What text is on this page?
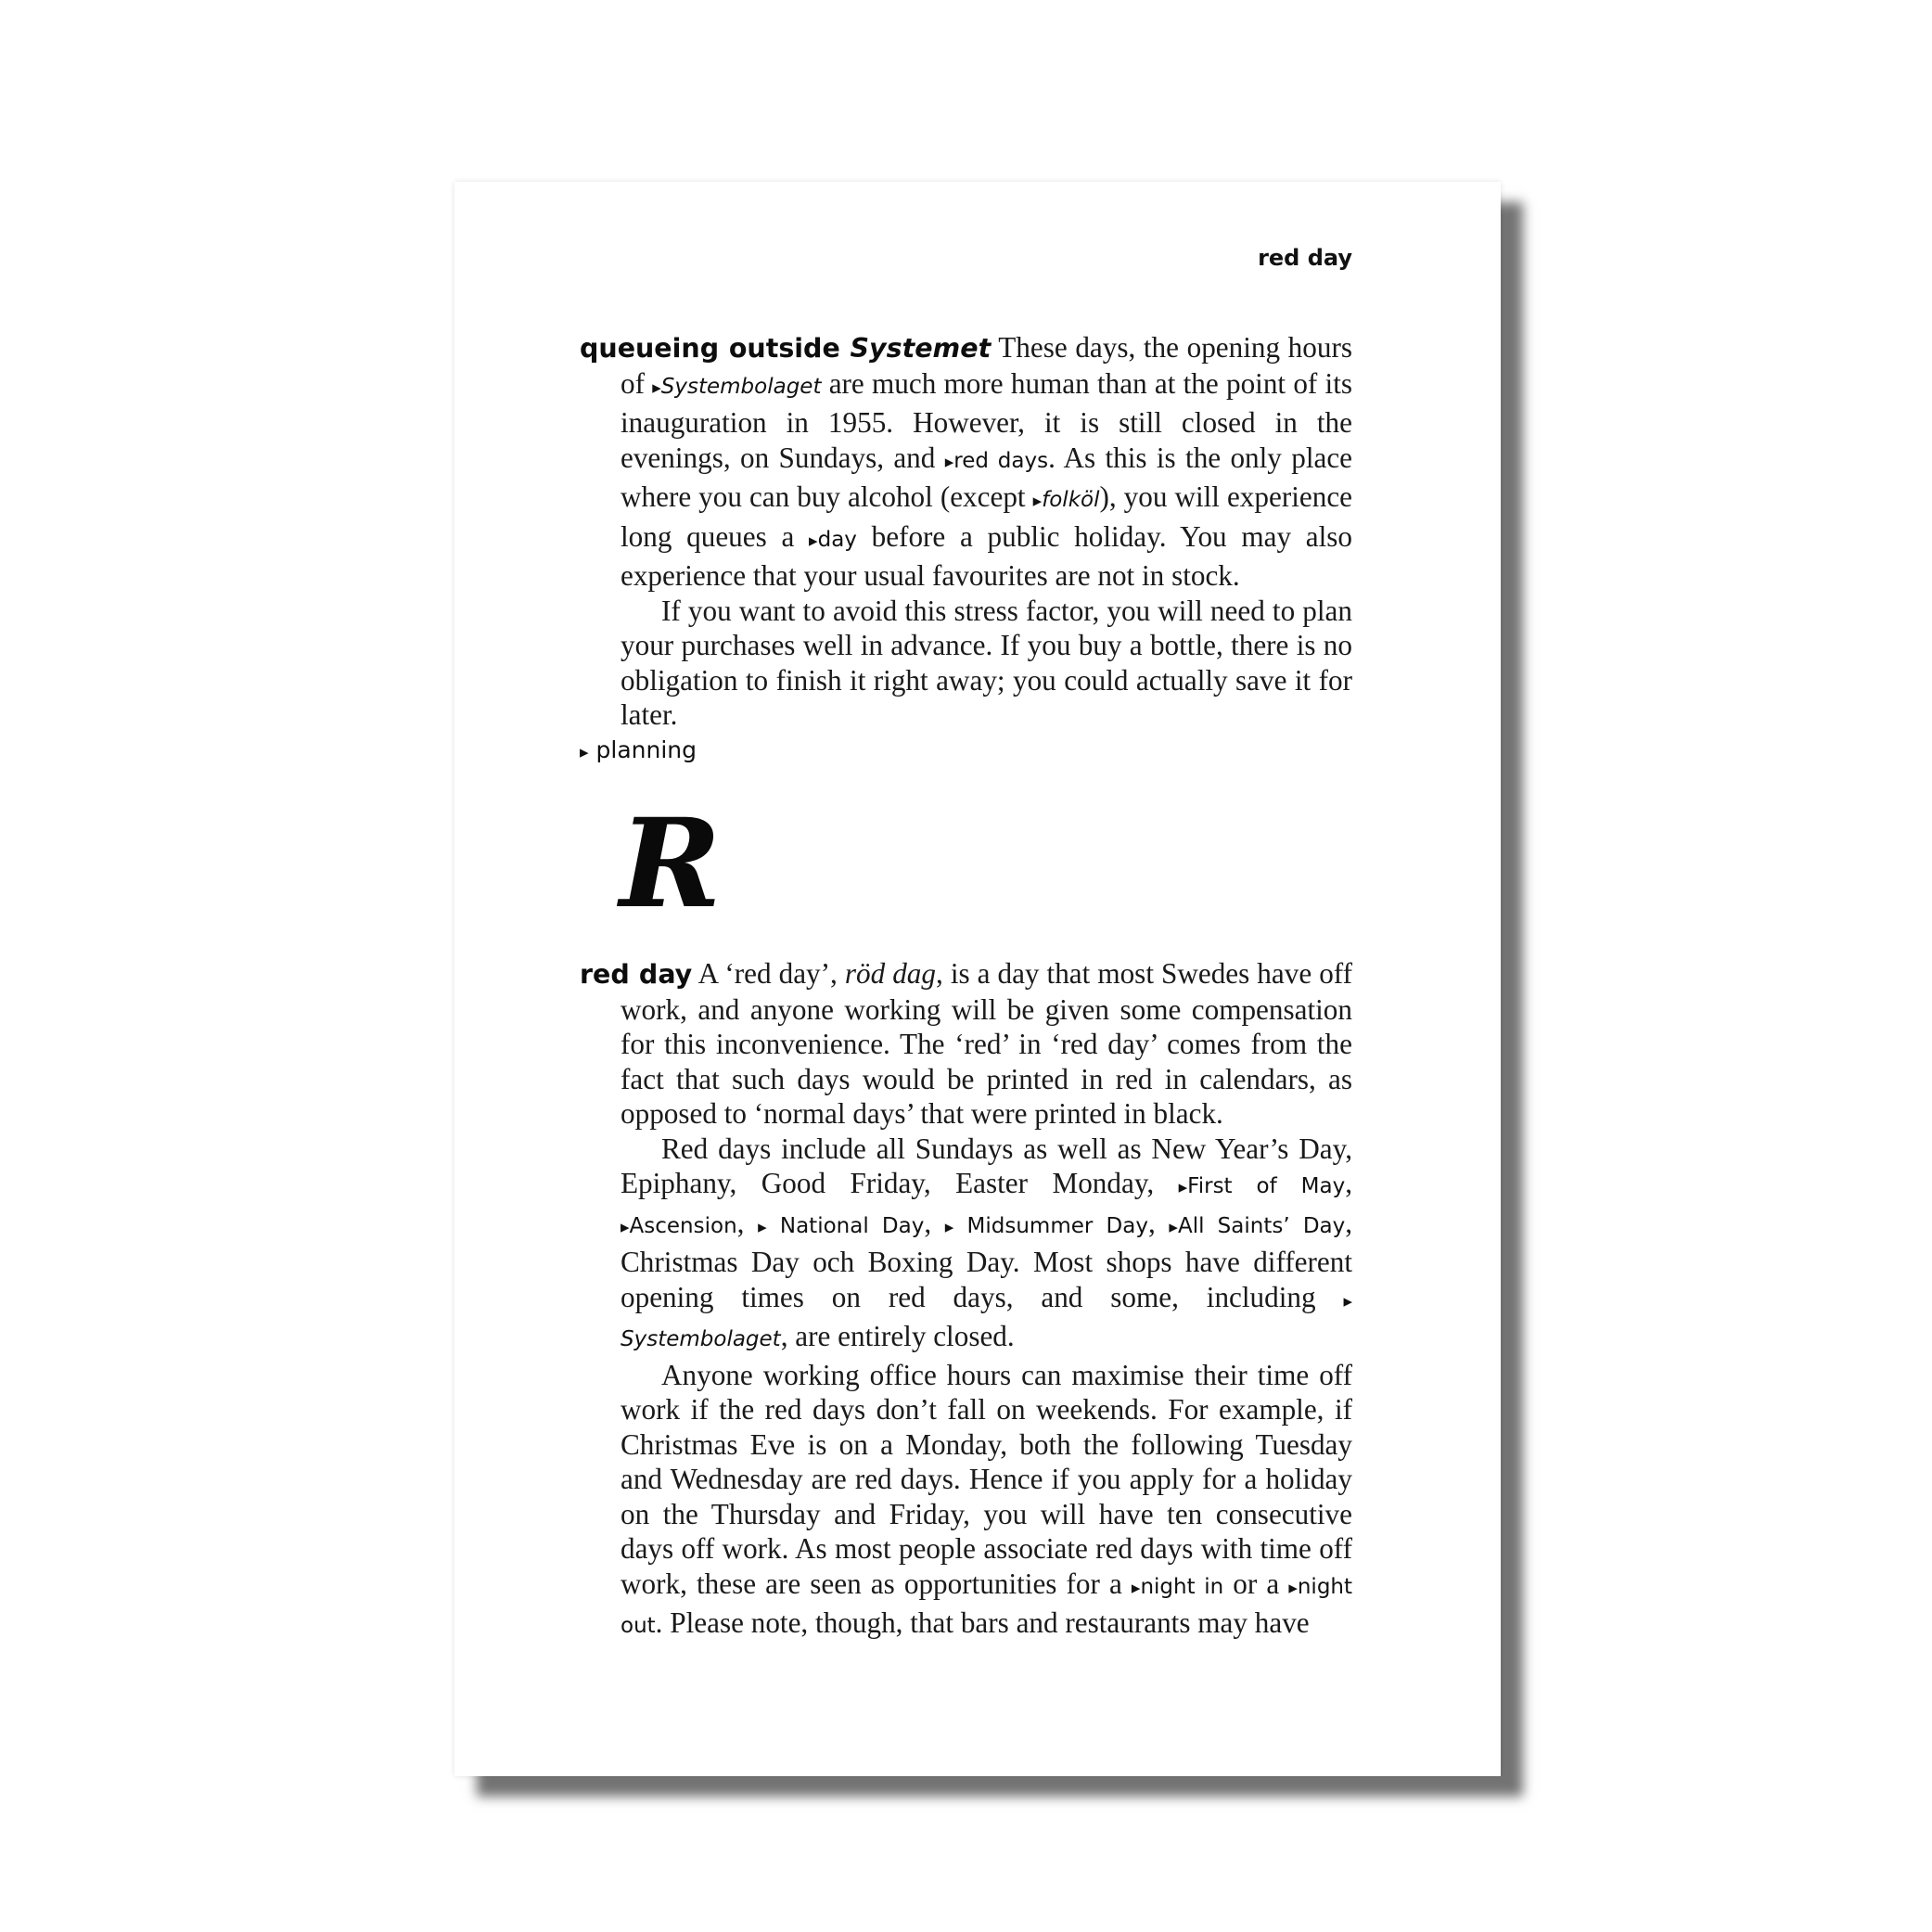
red day

queueing outside Systemet These days, the opening hours of ▸Systembolaget are much more human than at the point of its inauguration in 1955. However, it is still closed in the evenings, on Sundays, and ▸red days. As this is the only place where you can buy alcohol (except ▸folköl), you will experience long queues a ▸day before a public holiday. You may also experience that your usual favourites are not in stock.

If you want to avoid this stress factor, you will need to plan your purchases well in advance. If you buy a bottle, there is no obligation to finish it right away; you could actually save it for later.

▸ planning
R

red day A ‘red day’, röd dag, is a day that most Swedes have off work, and anyone working will be given some compensation for this inconvenience. The ‘red’ in ‘red day’ comes from the fact that such days would be printed in red in calendars, as opposed to ‘normal days’ that were printed in black.

Red days include all Sundays as well as New Year’s Day, Epiphany, Good Friday, Easter Monday, ▸First of May, ▸Ascension, ▸ National Day, ▸ Midsummer Day, ▸All Saints’ Day, Christmas Day och Boxing Day. Most shops have different opening times on red days, and some, including ▸ Systembolaget, are entirely closed.

Anyone working office hours can maximise their time off work if the red days don’t fall on weekends. For example, if Christmas Eve is on a Monday, both the following Tuesday and Wednesday are red days. Hence if you apply for a holiday on the Thursday and Friday, you will have ten consecutive days off work. As most people associate red days with time off work, these are seen as opportunities for a ▸night in or a ▸night out. Please note, though, that bars and restaurants may have
